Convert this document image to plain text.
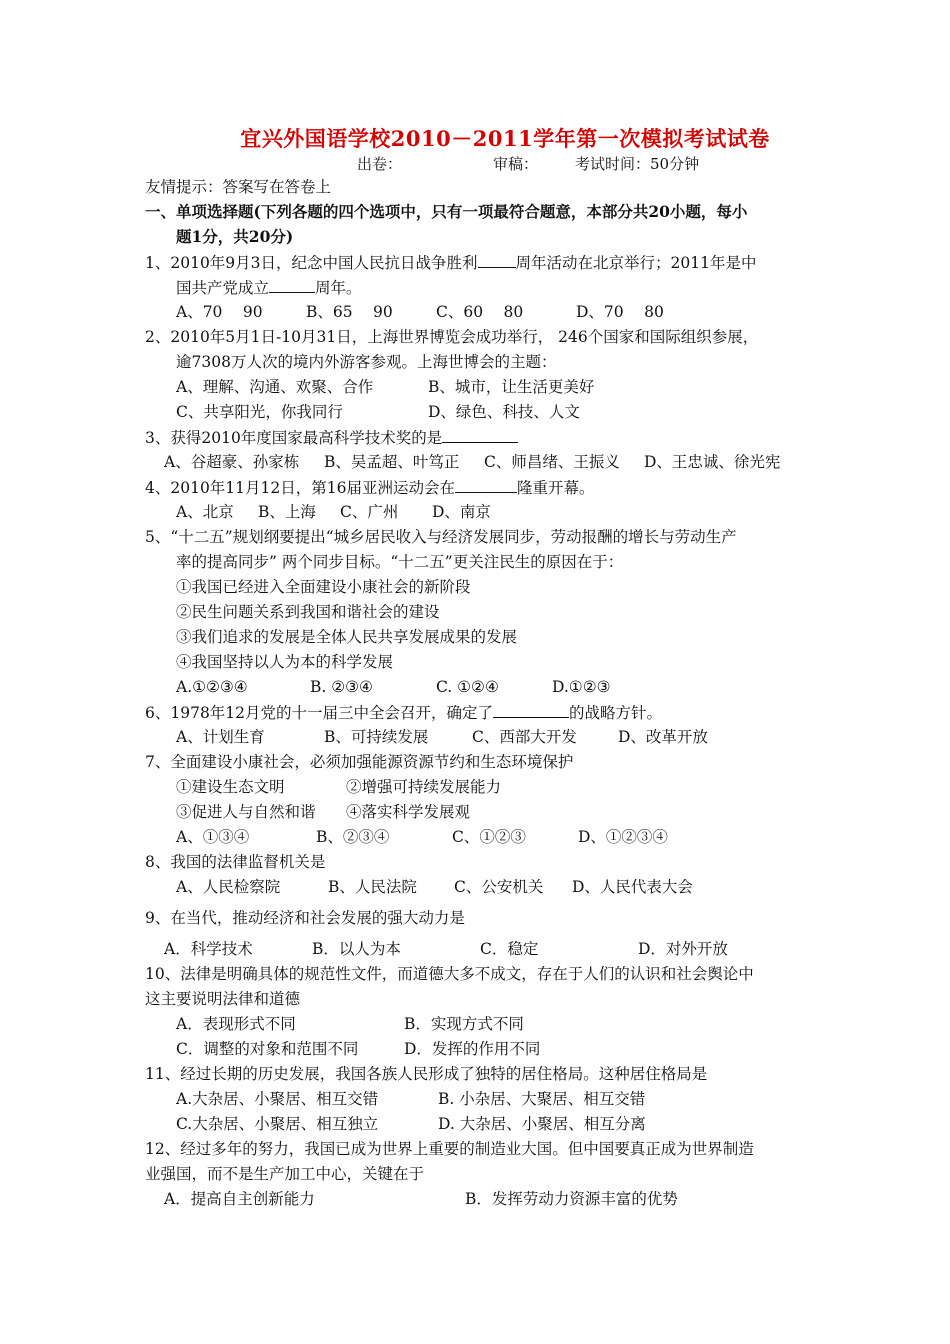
宜兴外国语学校2010－2011学年第一次模拟考试试卷
出卷：	审稿： 考试时间：50分钟
友情提示：答案写在答卷上
一、单项选择题(下列各题的四个选项中，只有一项最符合题意，本部分共20小题，每小
题1分，共20分)
1、2010年9月3日，纪念中国人民抗日战争胜利 周年活动在北京举行；2011年是中
国共产党成立	周年。
A、70　 90	B、65　 90	C、60　 80	D、70　 80
2、2010年5月1日-10月31日，上海世界博览会成功举行， 246个国家和国际组织参展，
逾7308万人次的境内外游客参观。上海世博会的主题：
A、理解、沟通、欢聚、合作	B、城市，让生活更美好
C、共享阳光，你我同行	D、绿色、科技、人文
3、获得2010年度国家最高科学技术奖的是
A、谷超豪、孙家栋 B、吴孟超、叶笃正 C、师昌绪、王振义 D、王忠诚、徐光宪
4、2010年11月12日，第16届亚洲运动会在	隆重开幕。
A、北京 B、上海 C、广州 D、南京
5、“十二五”规划纲要提出“城乡居民收入与经济发展同步，劳动报酬的增长与劳动生产
率的提高同步” 两个同步目标。“十二五”更关注民生的原因在于：
①我国已经进入全面建设小康社会的新阶段
②民生问题关系到我国和谐社会的建设
③我们追求的发展是全体人民共享发展成果的发展
④我国坚持以人为本的科学发展
A.①②③④	B. ②③④	C. ①②④	D.①②③
6、1978年12月党的十一届三中全会召开，确定了	的战略方针。
A、计划生育	B、可持续发展	C、西部大开发	D、改革开放
7、全面建设小康社会，必须加强能源资源节约和生态环境保护
①建设生态文明	②增强可持续发展能力
③促进人与自然和谐 ④落实科学发展观
A、①③④	B、②③④	C、①②③	D、①②③④
8、我国的法律监督机关是
A、人民检察院	B、人民法院 C、公安机关 D、人民代表大会
9、在当代，推动经济和社会发展的强大动力是
A．科学技术	B．以人为本	C．稳定	D．对外开放
10、法律是明确具体的规范性文件，而道德大多不成文，存在于人们的认识和社会舆论中
这主要说明法律和道德
A．表现形式不同	B．实现方式不同
C．调整的对象和范围不同	D．发挥的作用不同
11、经过长期的历史发展，我国各族人民形成了独特的居住格局。这种居住格局是
A.大杂居、小聚居、相互交错	B. 小杂居、大聚居、相互交错
C.大杂居、小聚居、相互独立	D. 大杂居、小聚居、相互分离
12、经过多年的努力，我国已成为世界上重要的制造业大国。但中国要真正成为世界制造
业强国，而不是生产加工中心，关键在于
A．提高自主创新能力	B．发挥劳动力资源丰富的优势
